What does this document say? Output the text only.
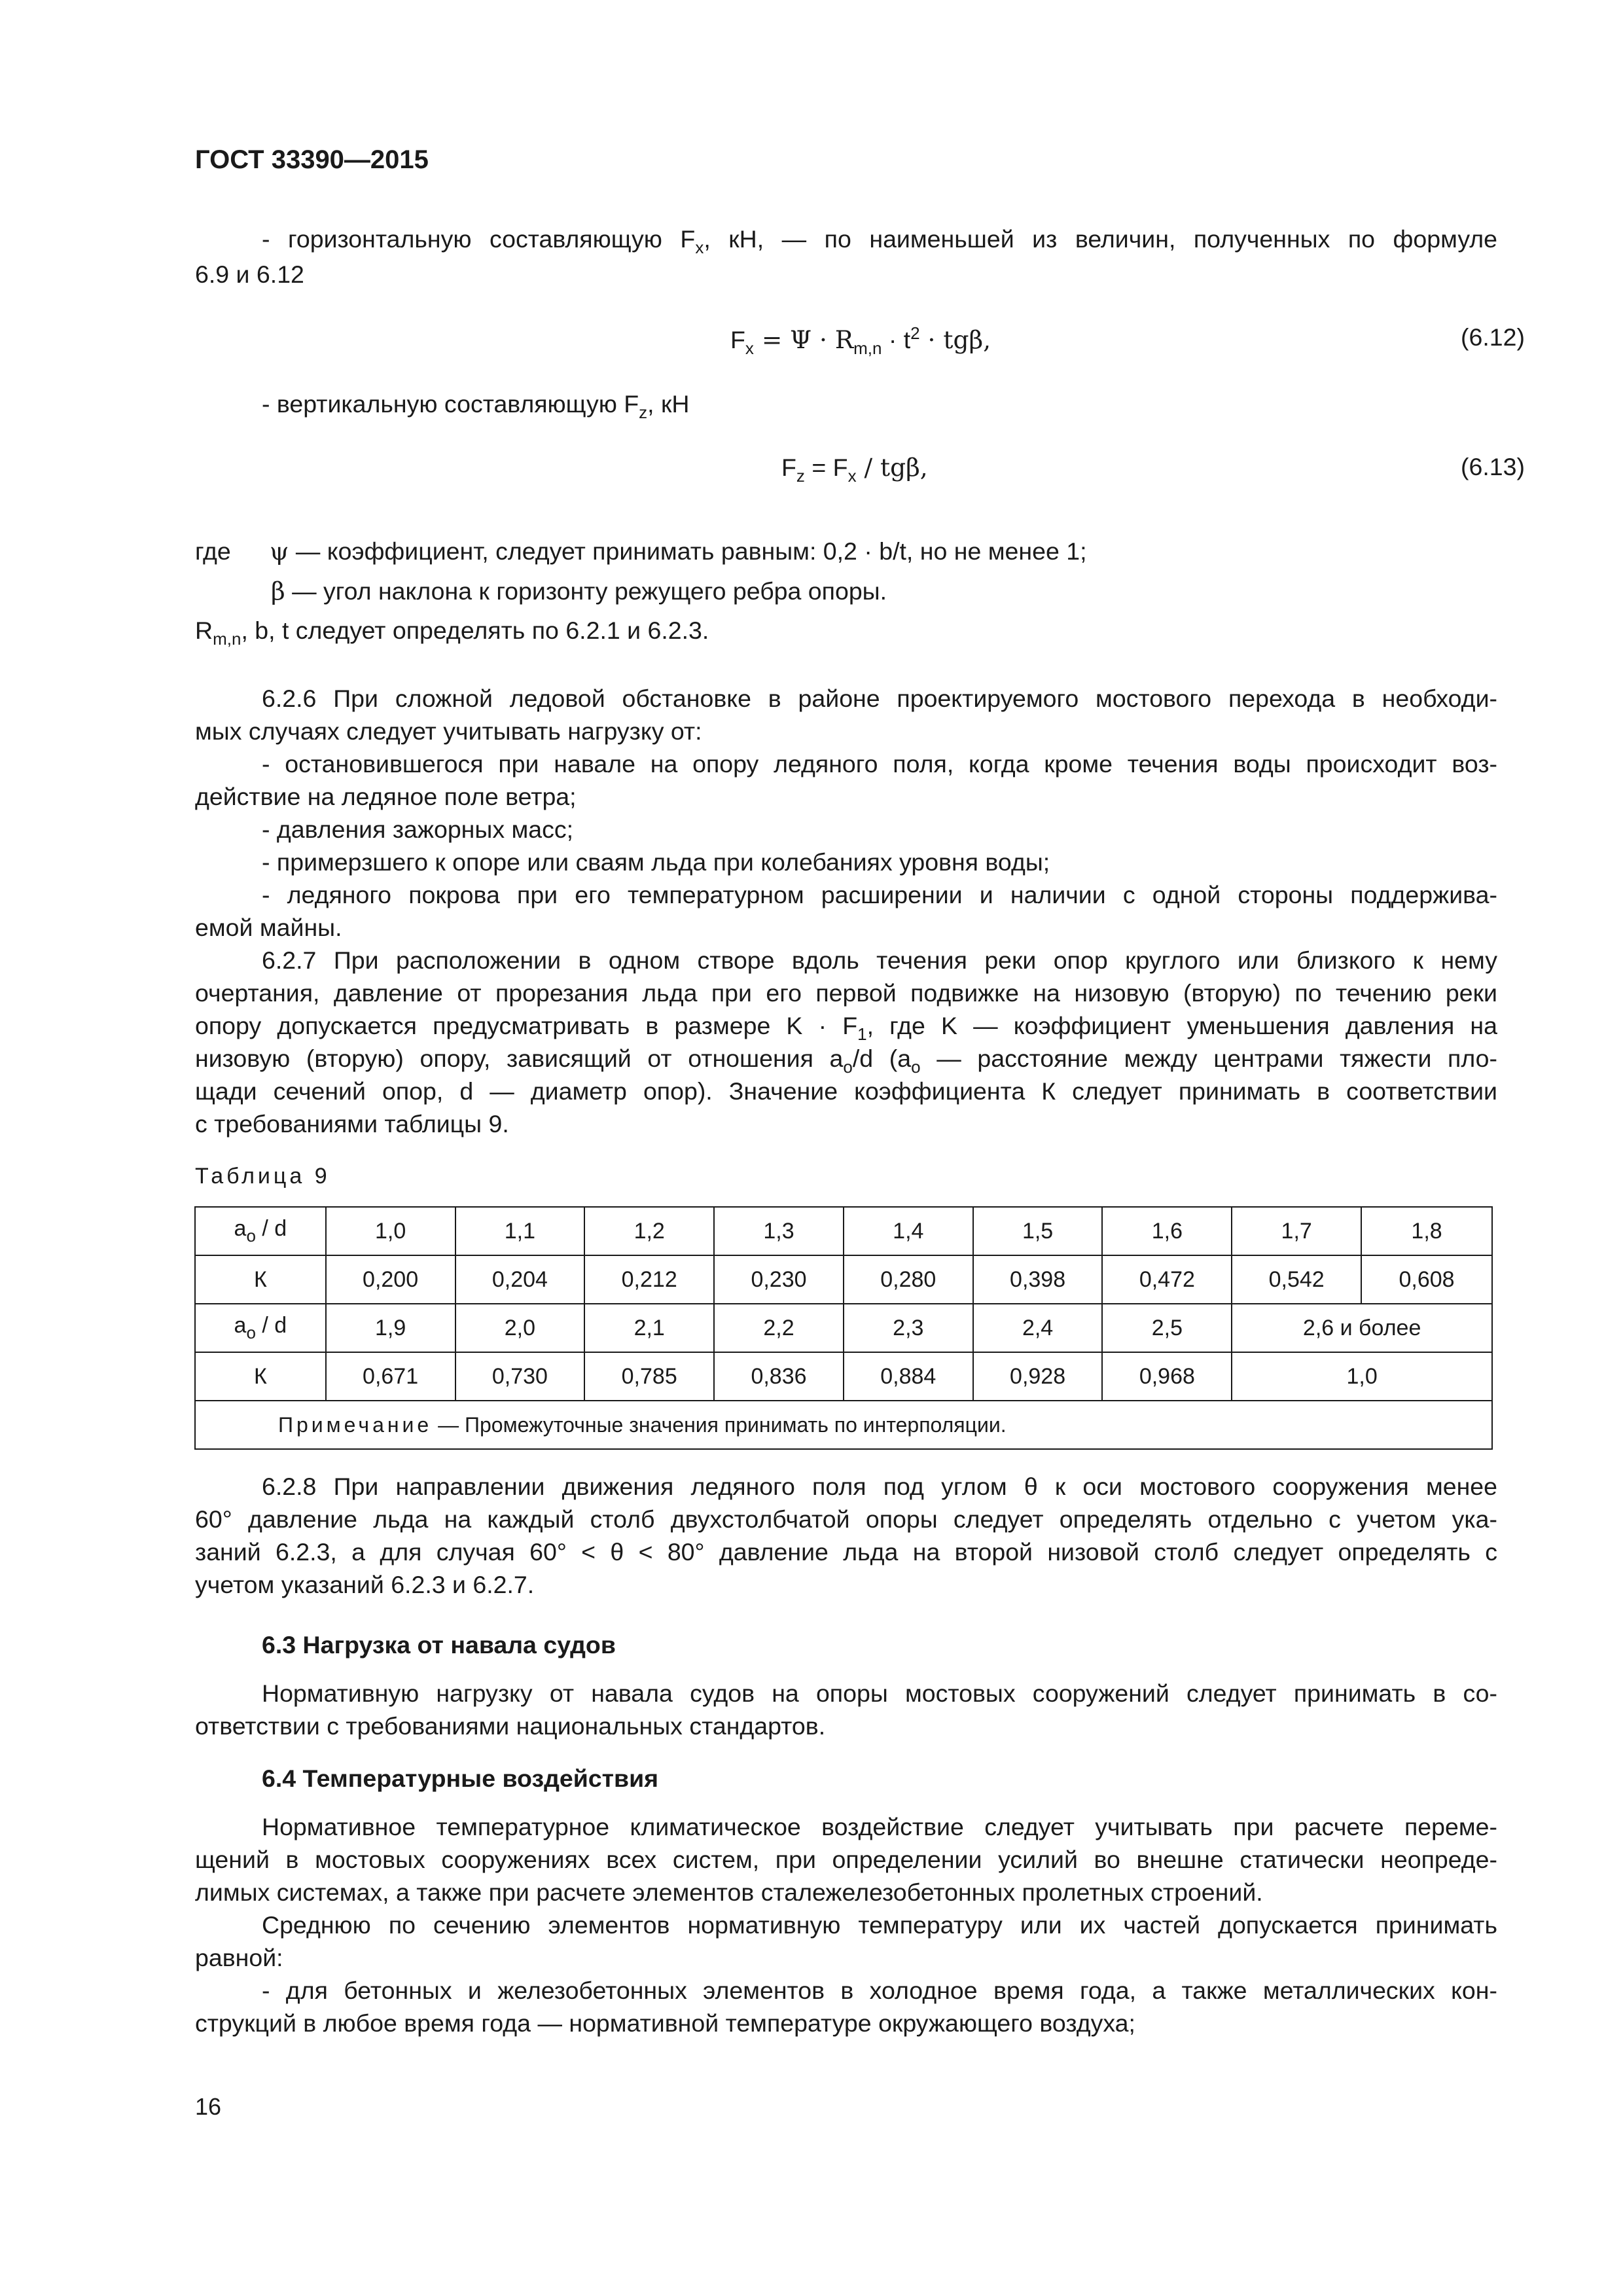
ГОСТ 33390—2015
- горизонтальную составляющую $F_x$, кН, — по наименьшей из величин, полученных по формуле
6.9 и 6.12
$F_x = \Psi \cdot R_{m,n} \cdot t^2 \cdot tg\beta$,	(6.12)
- вертикальную составляющую $F_z$, кН
$F_z = F_x / tg\beta$,	(6.13)
где ψ — коэффициент, следует принимать равным: 0,2 · b/t, но не менее 1;
β — угол наклона к горизонту режущего ребра опоры.
$R_{m,n}$, b, t следует определять по 6.2.1 и 6.2.3.
6.2.6 При сложной ледовой обстановке в районе проектируемого мостового перехода в необходи-
мых случаях следует учитывать нагрузку от:
- остановившегося при навале на опору ледяного поля, когда кроме течения воды происходит воз-
действие на ледяное поле ветра;
- давления зажорных масс;
- примерзшего к опоре или сваям льда при колебаниях уровня воды;
- ледяного покрова при его температурном расширении и наличии с одной стороны поддержива-
емой майны.
6.2.7 При расположении в одном створе вдоль течения реки опор круглого или близкого к нему
очертания, давление от прорезания льда при его первой подвижке на низовую (вторую) по течению реки
опору допускается предусматривать в размере $K \cdot F_1$, где K — коэффициент уменьшения давления на
низовую (вторую) опору, зависящий от отношения $a_o/d$ ($a_o$ — расстояние между центрами тяжести пло-
щади сечений опор, d — диаметр опор). Значение коэффициента К следует принимать в соответствии
с требованиями таблицы 9.
Таблица 9
$a_o$ / d	1,0	1,1	1,2	1,3	1,4	1,5	1,6	1,7	1,8
К	0,200	0,204	0,212	0,230	0,280	0,398	0,472	0,542	0,608
$a_o$ / d	1,9	2,0	2,1	2,2	2,3	2,4	2,5	2,6 и более	
К	0,671	0,730	0,785	0,836	0,884	0,928	0,968	1,0	
Примечание — Промежуточные значения принимать по интерполяции.									
6.2.8 При направлении движения ледяного поля под углом θ к оси мостового сооружения менее
60° давление льда на каждый столб двухстолбчатой опоры следует определять отдельно с учетом ука-
заний 6.2.3, а для случая 60° < θ < 80° давление льда на второй низовой столб следует определять с
учетом указаний 6.2.3 и 6.2.7.
6.3 Нагрузка от навала судов
Нормативную нагрузку от навала судов на опоры мостовых сооружений следует принимать в со-
ответствии с требованиями национальных стандартов.
6.4 Температурные воздействия
Нормативное температурное климатическое воздействие следует учитывать при расчете переме-
щений в мостовых сооружениях всех систем, при определении усилий во внешне статически неопреде-
лимых системах, а также при расчете элементов сталежелезобетонных пролетных строений.
Среднюю по сечению элементов нормативную температуру или их частей допускается принимать
равной:
- для бетонных и железобетонных элементов в холодное время года, а также металлических кон-
струкций в любое время года — нормативной температуре окружающего воздуха;
16
